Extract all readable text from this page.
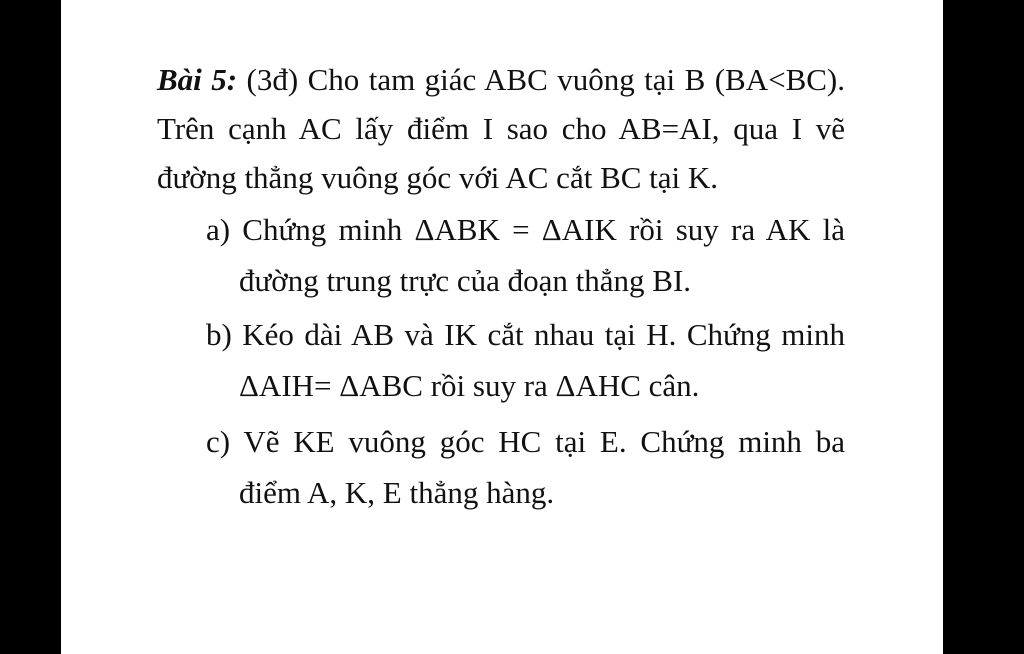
Bài 5: (3đ) Cho tam giác ABC vuông tại B (BA<BC). Trên cạnh AC lấy điểm I sao cho AB=AI, qua I vẽ đường thẳng vuông góc với AC cắt BC tại K.

a) Chứng minh ΔABK = ΔAIK rồi suy ra AK là đường trung trực của đoạn thẳng BI.

b) Kéo dài AB và IK cắt nhau tại H. Chứng minh ΔAIH= ΔABC rồi suy ra ΔAHC cân.

c) Vẽ KE vuông góc HC tại E. Chứng minh ba điểm A, K, E thẳng hàng.
